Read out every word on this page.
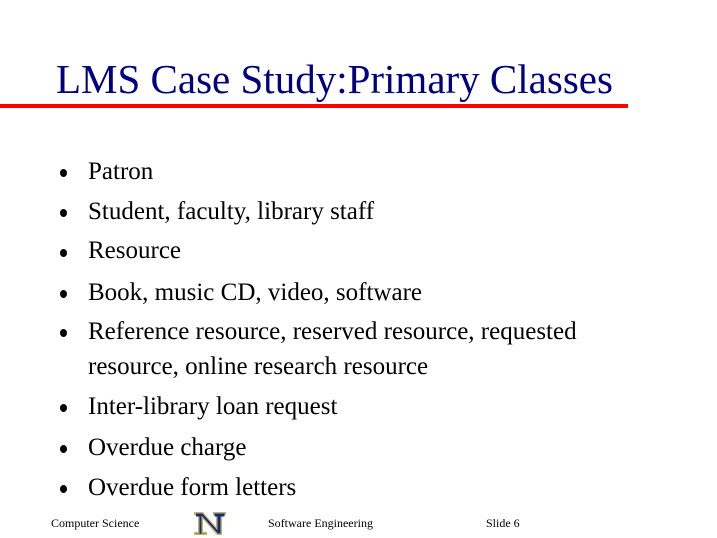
LMS Case Study:Primary Classes
Patron
Student, faculty, library staff
Resource
Book, music CD, video, software
Reference resource, reserved resource, requested
resource, online research resource
Inter-library loan request
Overdue charge
Overdue form letters
Computer Science	Software Engineering	Slide 6
